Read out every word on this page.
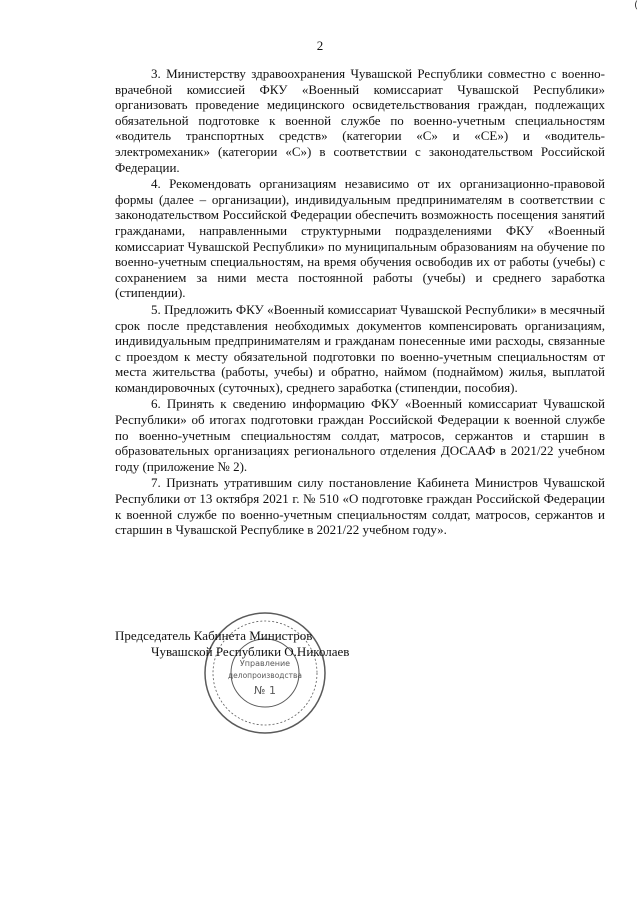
(
2

3. Министерству здравоохранения Чувашской Республики совместно с военно-врачебной комиссией ФКУ «Военный комиссариат Чувашской Республики» организовать проведение медицинского освидетельствования граждан, подлежащих обязательной подготовке к военной службе по военно-учетным специальностям «водитель транспортных средств» (категории «С» и «СЕ») и «водитель-электромеханик» (категории «С») в соответствии с законодательством Российской Федерации.

4. Рекомендовать организациям независимо от их организационно-правовой формы (далее – организации), индивидуальным предпринимателям в соответствии с законодательством Российской Федерации обеспечить возможность посещения занятий гражданами, направленными структурными подразделениями ФКУ «Военный комиссариат Чувашской Республики» по муниципальным образованиям на обучение по военно-учетным специальностям, на время обучения освободив их от работы (учебы) с сохранением за ними места постоянной работы (учебы) и среднего заработка (стипендии).

5. Предложить ФКУ «Военный комиссариат Чувашской Республики» в месячный срок после представления необходимых документов компенсировать организациям, индивидуальным предпринимателям и гражданам понесенные ими расходы, связанные с проездом к месту обязательной подготовки по военно-учетным специальностям от места жительства (работы, учебы) и обратно, наймом (поднаймом) жилья, выплатой командировочных (суточных), среднего заработка (стипендии, пособия).

6. Принять к сведению информацию ФКУ «Военный комиссариат Чувашской Республики» об итогах подготовки граждан Российской Федерации к военной службе по военно-учетным специальностям солдат, матросов, сержантов и старшин в образовательных организациях регионального отделения ДОСААФ в 2021/22 учебном году (приложение № 2).

7. Признать утратившим силу постановление Кабинета Министров Чувашской Республики от 13 октября 2021 г. № 510 «О подготовке граждан Российской Федерации к военной службе по военно-учетным специальностям солдат, матросов, сержантов и старшин в Чувашской Республике в 2021/22 учебном году».

Управление
делопроизводства
№ 1
Председатель Кабинета Министров
Чувашской Республики О.Николаев
